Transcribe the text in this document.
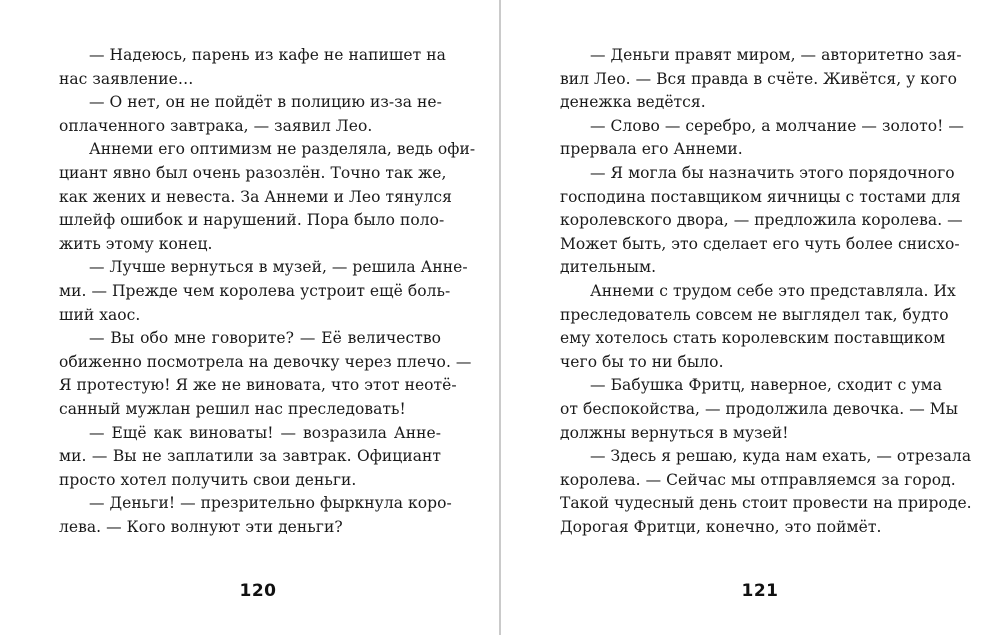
— Надеюсь, парень из кафе не напишет на
нас заявление…
— О нет, он не пойдёт в полицию из-за не-
оплаченного завтрака, — заявил Лео.
Аннеми его оптимизм не разделяла, ведь офи-
циант явно был очень разозлён. Точно так же,
как жених и невеста. За Аннеми и Лео тянулся
шлейф ошибок и нарушений. Пора было поло-
жить этому конец.
— Лучше вернуться в музей, — решила Анне-
ми. — Прежде чем королева устроит ещё боль-
ший хаос.
— Вы обо мне говорите? — Её величество
обиженно посмотрела на девочку через плечо. —
Я протестую! Я же не виновата, что этот неотё-
санный мужлан решил нас преследовать!
— Ещё как виноваты! — возразила Анне-
ми. — Вы не заплатили за завтрак. Официант
просто хотел получить свои деньги.
— Деньги! — презрительно фыркнула коро-
лева. — Кого волнуют эти деньги?
— Деньги правят миром, — авторитетно зая-
вил Лео. — Вся правда в счёте. Живётся, у кого
денежка ведётся.
— Слово — серебро, а молчание — золото! —
прервала его Аннеми.
— Я могла бы назначить этого порядочного
господина поставщиком яичницы с тостами для
королевского двора, — предложила королева. —
Может быть, это сделает его чуть более снисхо-
дительным.
Аннеми с трудом себе это представляла. Их
преследователь совсем не выглядел так, будто
ему хотелось стать королевским поставщиком
чего бы то ни было.
— Бабушка Фритц, наверное, сходит с ума
от беспокойства, — продолжила девочка. — Мы
должны вернуться в музей!
— Здесь я решаю, куда нам ехать, — отрезала
королева. — Сейчас мы отправляемся за город.
Такой чудесный день стоит провести на природе.
Дорогая Фритци, конечно, это поймёт.
120	121
